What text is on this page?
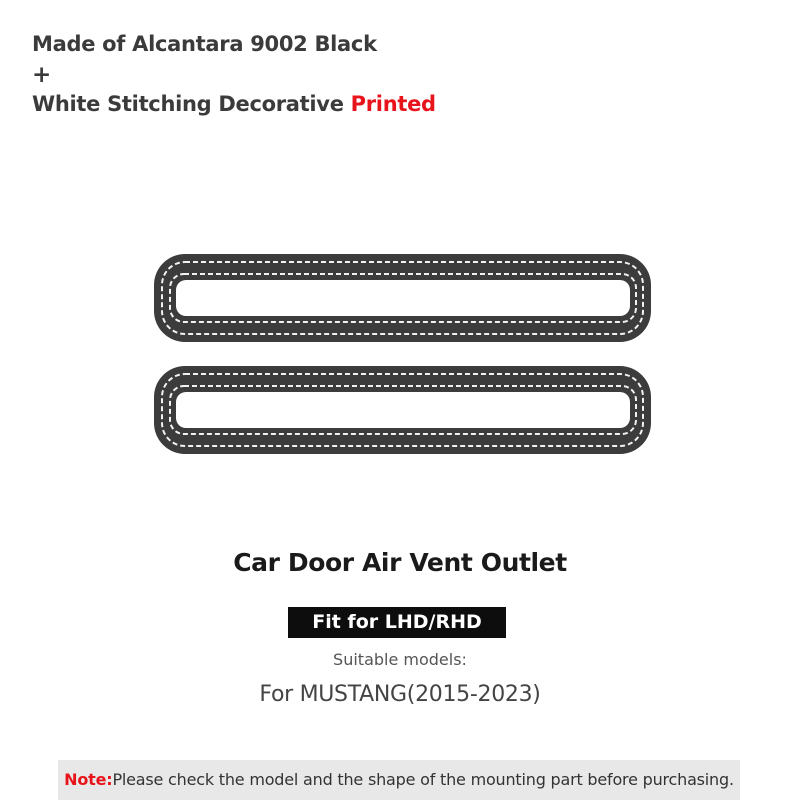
Made of Alcantara 9002 Black
+
White Stitching Decorative Printed
Car Door Air Vent Outlet
Fit for LHD/RHD
Suitable models:
For MUSTANG(2015-2023)
Note:Please check the model and the shape of the mounting part before purchasing.
